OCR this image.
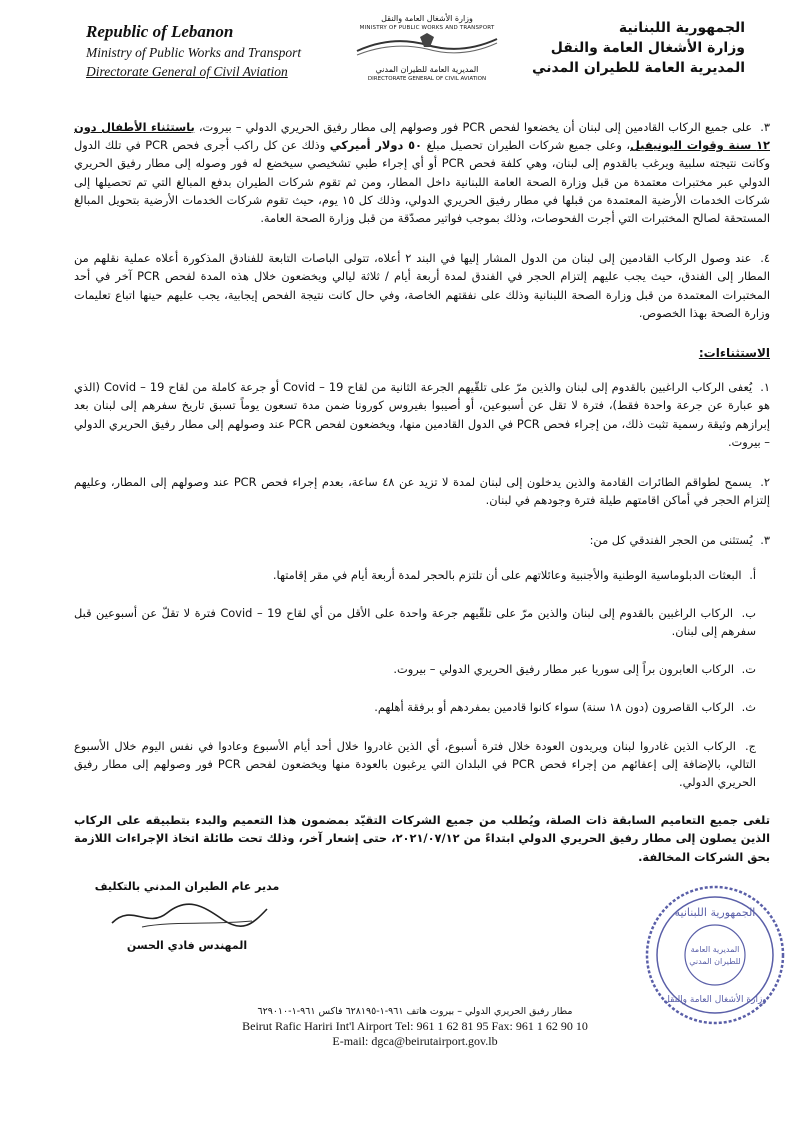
Republic of Lebanon
Ministry of Public Works and Transport
Directorate General of Civil Aviation
وزارة الأشغال العامة والنقل
MINISTRY OF PUBLIC WORKS AND TRANSPORT
المديرية العامة للطيران المدني
DIRECTORATE GENERAL OF CIVIL AVIATION
الجمهورية اللبنانية
وزارة الأشغال العامة والنقل
المديرية العامة للطيران المدني

٣. على جميع الركاب القادمين إلى لبنان أن يخضعوا لفحص PCR فور وصولهم إلى مطار رفيق الحريري الدولي – بيروت، باستثناء الأطفال دون ١٢ سنة وقوات اليونيفيل، وعلى جميع شركات الطيران تحصيل مبلغ ٥٠ دولار أميركي وذلك عن كل راكب أجرى فحص PCR في تلك الدول وكانت نتيجته سلبية ويرغب بالقدوم إلى لبنان، وهي كلفة فحص PCR أو أي إجراء طبي تشخيصي سيخضع له فور وصوله إلى مطار رفيق الحريري الدولي عبر مختبرات معتمدة من قبل وزارة الصحة العامة اللبنانية داخل المطار، ومن ثم تقوم شركات الطيران بدفع المبالغ التي تم تحصيلها إلى شركات الخدمات الأرضية المعتمدة من قبلها في مطار رفيق الحريري الدولي، وذلك كل ١٥ يوم، حيث تقوم شركات الخدمات الأرضية بتحويل المبالغ المستحقة لصالح المختبرات التي أجرت الفحوصات، وذلك بموجب فواتير مصدّقة من قبل وزارة الصحة العامة.

٤. عند وصول الركاب القادمين إلى لبنان من الدول المشار إليها في البند ٢ أعلاه، تتولى الباصات التابعة للفنادق المذكورة أعلاه عملية نقلهم من المطار إلى الفندق، حيث يجب عليهم إلتزام الحجر في الفندق لمدة أربعة أيام / ثلاثة ليالي ويخضعون خلال هذه المدة لفحص PCR آخر في أحد المختبرات المعتمدة من قبل وزارة الصحة اللبنانية وذلك على نفقتهم الخاصة، وفي حال كانت نتيجة الفحص إيجابية، يجب عليهم حينها اتباع تعليمات وزارة الصحة بهذا الخصوص.

الاستثناءات:

١. يُعفى الركاب الراغبين بالقدوم إلى لبنان والذين مرّ على تلقّيهم الجرعة الثانية من لقاح Covid – 19 أو جرعة كاملة من لقاح Covid – 19 (الذي هو عبارة عن جرعة واحدة فقط)، فترة لا تقل عن أسبوعين، أو أصيبوا بفيروس كورونا ضمن مدة تسعون يوماً تسبق تاريخ سفرهم إلى لبنان بعد إبرازهم وثيقة رسمية تثبت ذلك، من إجراء فحص PCR في الدول القادمين منها، ويخضعون لفحص PCR عند وصولهم إلى مطار رفيق الحريري الدولي – بيروت.

٢. يسمح لطواقم الطائرات القادمة والذين يدخلون إلى لبنان لمدة لا تزيد عن ٤٨ ساعة، بعدم إجراء فحص PCR عند وصولهم إلى المطار، وعليهم إلتزام الحجر في أماكن اقامتهم طيلة فترة وجودهم في لبنان.

٣. يُستثنى من الحجر الفندقي كل من:

أ. البعثات الدبلوماسية الوطنية والأجنبية وعائلاتهم على أن تلتزم بالحجر لمدة أربعة أيام في مقر إقامتها.

ب. الركاب الراغبين بالقدوم إلى لبنان والذين مرّ على تلقّيهم جرعة واحدة على الأقل من أي لقاح Covid – 19 فترة لا تقلّ عن أسبوعين قبل سفرهم إلى لبنان.

ت. الركاب العابرون براً إلى سوريا عبر مطار رفيق الحريري الدولي – بيروت.

ث. الركاب القاصرون (دون ١٨ سنة) سواء كانوا قادمين بمفردهم أو برفقة أهلهم.

ج. الركاب الذين غادروا لبنان ويريدون العودة خلال فترة أسبوع، أي الذين غادروا خلال أحد أيام الأسبوع وعادوا في نفس اليوم خلال الأسبوع التالي، بالإضافة إلى إعفائهم من إجراء فحص PCR في البلدان التي يرغبون بالعودة منها ويخضعون لفحص PCR فور وصولهم إلى مطار رفيق الحريري الدولي.

تلغى جميع التعاميم السابقة ذات الصلة، ويُطلب من جميع الشركات التقيّد بمضمون هذا التعميم والبدء بتطبيقه على الركاب الذين يصلون إلى مطار رفيق الحريري الدولي ابتداءً من ٢٠٢١/٠٧/١٢، حتى إشعار آخر، وذلك تحت طائلة اتخاذ الإجراءات اللازمة بحق الشركات المخالفة.

مدير عام الطيران المدني بالتكليف
المهندس فادي الحسن
الجمهورية اللبنانية
المديرية العامة
للطيران المدني
وزارة الأشغال العامة والنقل
مطار رفيق الحريري الدولي – بيروت هاتف ٩٦١-١-٦٢٨١٩٥ فاكس ٩٦١-١-٦٢٩٠١٠
Beirut Rafic Hariri Int'l Airport Tel: 961 1 62 81 95 Fax: 961 1 62 90 10
E-mail: dgca@beirutairport.gov.lb
